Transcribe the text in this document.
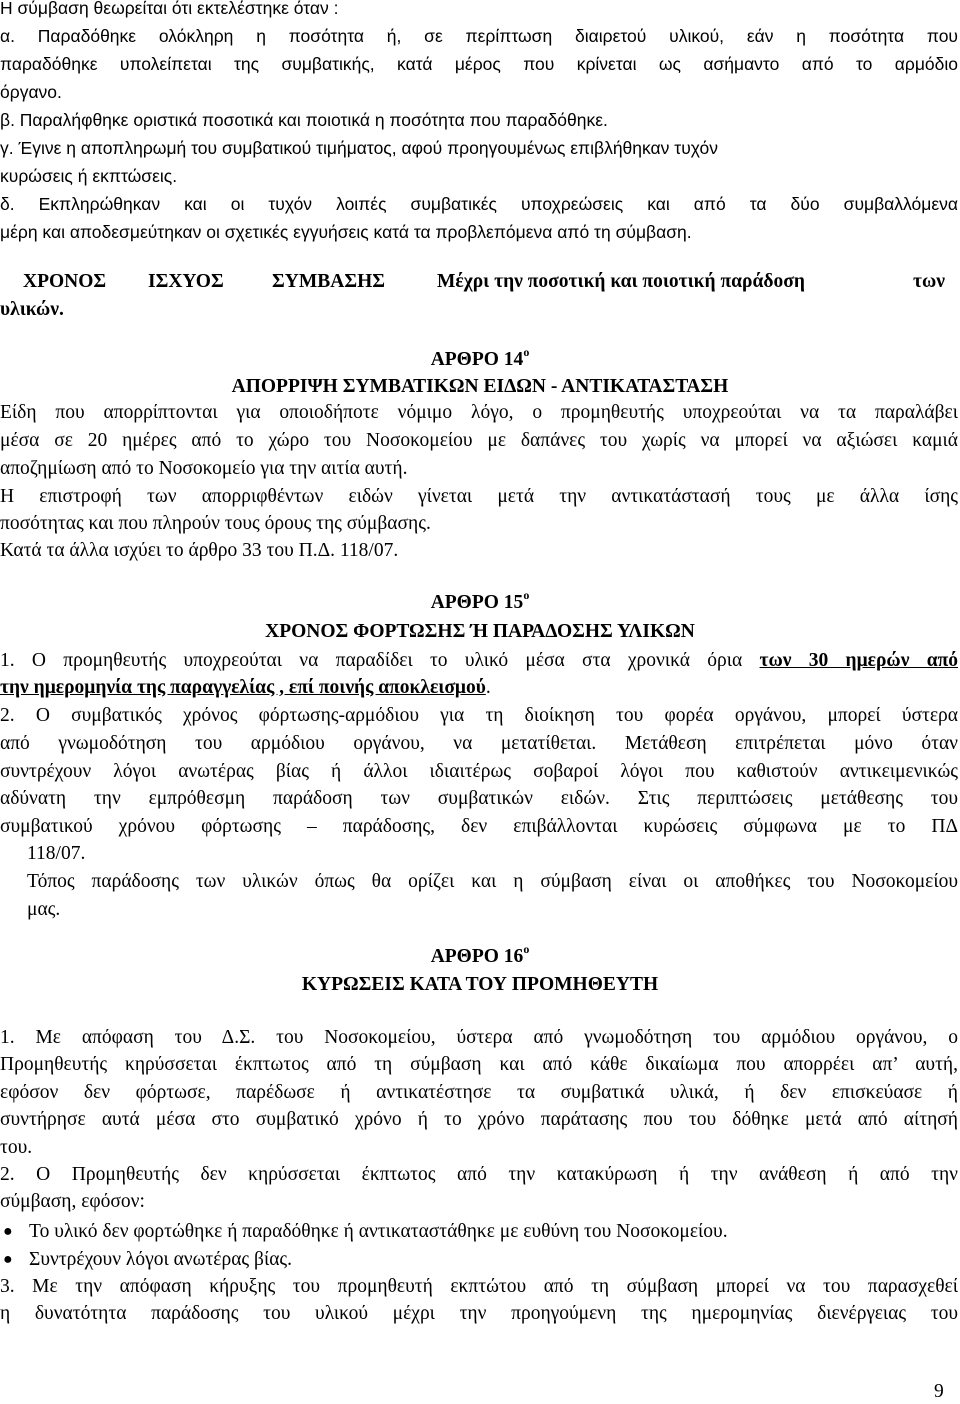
Η σύμβαση θεωρείται ότι εκτελέστηκε όταν :
α. Παραδόθηκε ολόκληρη η ποσότητα ή, σε περίπτωση διαιρετού υλικού, εάν η ποσότητα που
παραδόθηκε υπολείπεται της συμβατικής, κατά μέρος που κρίνεται ως ασήμαντο από το αρμόδιο
όργανο.
β. Παραλήφθηκε οριστικά ποσοτικά και ποιοτικά η ποσότητα που παραδόθηκε.
γ. Έγινε η αποπληρωμή του συμβατικού τιμήματος, αφού προηγουμένως επιβλήθηκαν τυχόν
κυρώσεις ή εκπτώσεις.
δ. Εκπληρώθηκαν και οι τυχόν λοιπές συμβατικές υποχρεώσεις και από τα δύο συμβαλλόμενα
μέρη και αποδεσμεύτηκαν οι σχετικές εγγυήσεις κατά τα προβλεπόμενα από τη σύμβαση.
ΧΡΟΝΟΣ ΙΣΧΥΟΣ ΣΥΜΒΑΣΗΣ	Μέχρι την ποσοτική και ποιοτική παράδοση	των
υλικών.
ΑΡΘΡΟ $14^o$
ΑΠΟΡΡΙΨΗ ΣΥΜΒΑΤΙΚΩΝ ΕΙΔΩΝ - ΑΝΤΙΚΑΤΑΣΤΑΣΗ
Είδη που απορρίπτονται για οποιοδήποτε νόμιμο λόγο, ο προμηθευτής υποχρεούται να τα παραλάβει
μέσα σε 20 ημέρες από το χώρο του Νοσοκομείου με δαπάνες του χωρίς να μπορεί να αξιώσει καμιά
αποζημίωση από το Νοσοκομείο για την αιτία αυτή.
Η επιστροφή των απορριφθέντων ειδών γίνεται μετά την αντικατάστασή τους με άλλα ίσης
ποσότητας και που πληρούν τους όρους της σύμβασης.
Κατά τα άλλα ισχύει το άρθρο 33 του Π.Δ. 118/07.
ΑΡΘΡΟ $15^o$
ΧΡΟΝΟΣ ΦΟΡΤΩΣΗΣ Ή ΠΑΡΑΔΟΣΗΣ ΥΛΙΚΩΝ
1. Ο προμηθευτής υποχρεούται να παραδίδει το υλικό μέσα στα χρονικά όρια των 30 ημερών από
την ημερομηνία της παραγγελίας , επί ποινής αποκλεισμού.
2. Ο συμβατικός χρόνος φόρτωσης-αρμόδιου για τη διοίκηση του φορέα οργάνου, μπορεί ύστερα
από γνωμοδότηση του αρμόδιου οργάνου, να μετατίθεται. Μετάθεση επιτρέπεται μόνο όταν
συντρέχουν λόγοι ανωτέρας βίας ή άλλοι ιδιαιτέρως σοβαροί λόγοι που καθιστούν αντικειμενικώς
αδύνατη την εμπρόθεσμη παράδοση των συμβατικών ειδών. Στις περιπτώσεις μετάθεσης του
συμβατικού χρόνου φόρτωσης – παράδοσης, δεν επιβάλλονται κυρώσεις σύμφωνα με το ΠΔ
118/07.
Τόπος παράδοσης των υλικών όπως θα ορίζει και η σύμβαση είναι οι αποθήκες του Νοσοκομείου
μας.
ΑΡΘΡΟ $16^o$
ΚΥΡΩΣΕΙΣ ΚΑΤΑ ΤΟΥ ΠΡΟΜΗΘΕΥΤΗ
1. Με απόφαση του Δ.Σ. του Νοσοκομείου, ύστερα από γνωμοδότηση του αρμόδιου οργάνου, ο
Προμηθευτής κηρύσσεται έκπτωτος από τη σύμβαση και από κάθε δικαίωμα που απορρέει απ’ αυτή,
εφόσον δεν φόρτωσε, παρέδωσε ή αντικατέστησε τα συμβατικά υλικά, ή δεν επισκεύασε ή
συντήρησε αυτά μέσα στο συμβατικό χρόνο ή το χρόνο παράτασης που του δόθηκε μετά από αίτησή
του.
2. Ο Προμηθευτής δεν κηρύσσεται έκπτωτος από την κατακύρωση ή την ανάθεση ή από την
σύμβαση, εφόσον:
● Το υλικό δεν φορτώθηκε ή παραδόθηκε ή αντικαταστάθηκε με ευθύνη του Νοσοκομείου.
● Συντρέχουν λόγοι ανωτέρας βίας.
3. Με την απόφαση κήρυξης του προμηθευτή εκπτώτου από τη σύμβαση μπορεί να του παρασχεθεί
η δυνατότητα παράδοσης του υλικού μέχρι την προηγούμενη της ημερομηνίας διενέργειας του
9
